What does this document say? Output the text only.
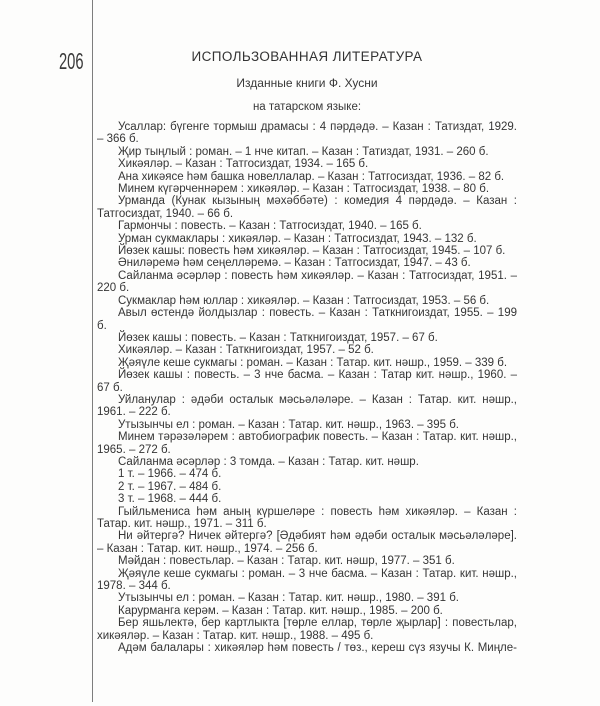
206	ИСПОЛЬЗОВАННАЯ ЛИТЕРАТУРА
Изданные книги Ф. Хусни
на татарском языке:

Усаллар: бүгенге тормыш драмасы : 4 пәрдәдә. – Казан : Татиздат, 1929. – 366 б.

Җир тыңлый : роман. – 1 нче китап. – Казан : Татиздат, 1931. – 260 б.

Хикәяләр. – Казан : Татгосиздат, 1934. – 165 б.

Ана хикәясе һәм башка новеллалар. – Казан : Татгосиздат, 1936. – 82 б.

Минем күгәрченнәрем : хикәяләр. – Казан : Татгосиздат, 1938. – 80 б.

Урманда (Кунак кызының мәхәббәте) : комедия 4 пәрдәдә. – Казан : Татгосиздат, 1940. – 66 б.

Гармончы : повесть. – Казан : Татгосиздат, 1940. – 165 б.

Урман сукмаклары : хикәяләр. – Казан : Татгосиздат, 1943. – 132 б.

Йөзек кашы: повесть һәм хикәяләр. – Казан : Татгосиздат, 1945. – 107 б.

Әниләремә һәм сеңелләремә. – Казан : Татгосиздат, 1947. – 43 б.

Сайланма әсәрләр : повесть һәм хикәяләр. – Казан : Татгосиздат, 1951. – 220 б.

Сукмаклар һәм юллар : хикәяләр. – Казан : Татгосиздат, 1953. – 56 б.

Авыл өстендә йолдызлар : повесть. – Казан : Таткнигоиздат, 1955. – 199 б.

Йөзек кашы : повесть. – Казан : Таткнигоиздат, 1957. – 67 б.

Хикәяләр. – Казан : Таткнигоиздат, 1957. – 52 б.

Җәяүле кеше сукмагы : роман. – Казан : Татар. кит. нәшр., 1959. – 339 б.

Йөзек кашы : повесть. – 3 нче басма. – Казан : Татар кит. нәшр., 1960. – 67 б.

Уйланулар : әдәби осталык мәсьәләләре. – Казан : Татар. кит. нәшр., 1961. – 222 б.

Утызынчы ел : роман. – Казан : Татар. кит. нәшр., 1963. – 395 б.

Минем тәрәзәләрем : автобиографик повесть. – Казан : Татар. кит. нәшр., 1965. – 272 б.

Сайланма әсәрләр : 3 томда. – Казан : Татар. кит. нәшр.

1 т. – 1966. – 474 б.

2 т. – 1967. – 484 б.

3 т. – 1968. – 444 б.

Гыйльмениса һәм аның күршеләре : повесть һәм хикәяләр. – Казан : Татар. кит. нәшр., 1971. – 311 б.

Ни әйтергә? Ничек әйтергә? [Әдәбият һәм әдәби осталык мәсьәләләре]. – Казан : Татар. кит. нәшр., 1974. – 256 б.

Мәйдан : повестьлар. – Казан : Татар. кит. нәшр, 1977. – 351 б.

Җәяүле кеше сукмагы : роман. – 3 нче басма. – Казан : Татар. кит. нәшр., 1978. – 344 б.

Утызынчы ел : роман. – Казан : Татар. кит. нәшр., 1980. – 391 б.

Карурманга керәм. – Казан : Татар. кит. нәшр., 1985. – 200 б.

Бер яшьлектә, бер картлыкта [төрле еллар, төрле җырлар] : повестьлар, хикәяләр. – Казан : Татар. кит. нәшр., 1988. – 495 б.

Адәм балалары : хикәяләр һәм повесть / төз., кереш сүз язучы К. Миңле-
